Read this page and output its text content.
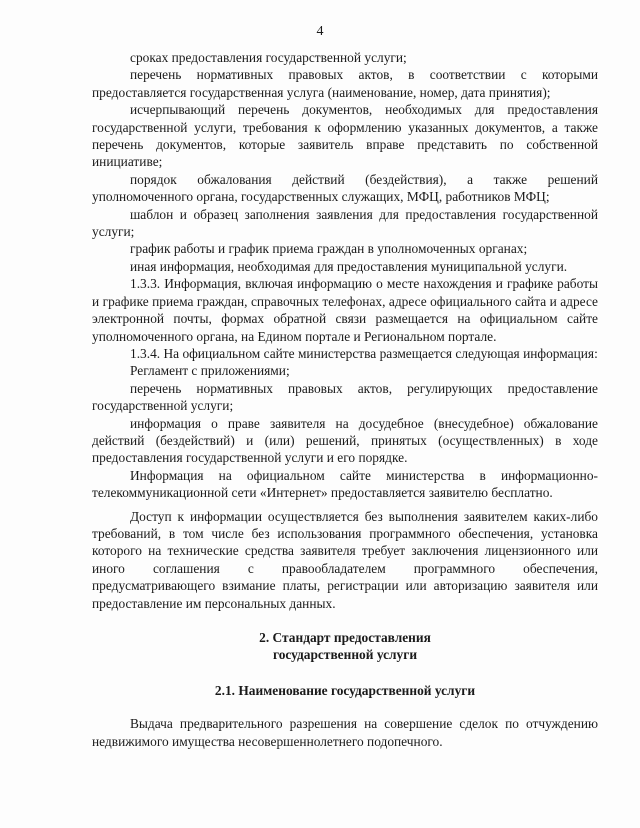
4

сроках предоставления государственной услуги;

перечень нормативных правовых актов, в соответствии с которыми предоставляется государственная услуга (наименование, номер, дата принятия);

исчерпывающий перечень документов, необходимых для предоставления государственной услуги, требования к оформлению указанных документов, а также перечень документов, которые заявитель вправе представить по собственной инициативе;

порядок обжалования действий (бездействия), а также решений уполномоченного органа, государственных служащих, МФЦ, работников МФЦ;

шаблон и образец заполнения заявления для предоставления государственной услуги;

график работы и график приема граждан в уполномоченных органах;

иная информация, необходимая для предоставления муниципальной услуги.

1.3.3. Информация, включая информацию о месте нахождения и графике работы и графике приема граждан, справочных телефонах, адресе официального сайта и адресе электронной почты, формах обратной связи размещается на официальном сайте уполномоченного органа, на Едином портале и Региональном портале.

1.3.4. На официальном сайте министерства размещается следующая информация:

Регламент с приложениями;

перечень нормативных правовых актов, регулирующих предоставление государственной услуги;

информация о праве заявителя на досудебное (внесудебное) обжалование действий (бездействий) и (или) решений, принятых (осуществленных) в ходе предоставления государственной услуги и его порядке.

Информация на официальном сайте министерства в информационно-телекоммуникационной сети «Интернет» предоставляется заявителю бесплатно.

Доступ к информации осуществляется без выполнения заявителем каких-либо требований, в том числе без использования программного обеспечения, установка которого на технические средства заявителя требует заключения лицензионного или иного соглашения с правообладателем программного обеспечения, предусматривающего взимание платы, регистрации или авторизацию заявителя или предоставление им персональных данных.

2. Стандарт предоставления

государственной услуги

2.1. Наименование государственной услуги

Выдача предварительного разрешения на совершение сделок по отчуждению недвижимого имущества несовершеннолетнего подопечного.
